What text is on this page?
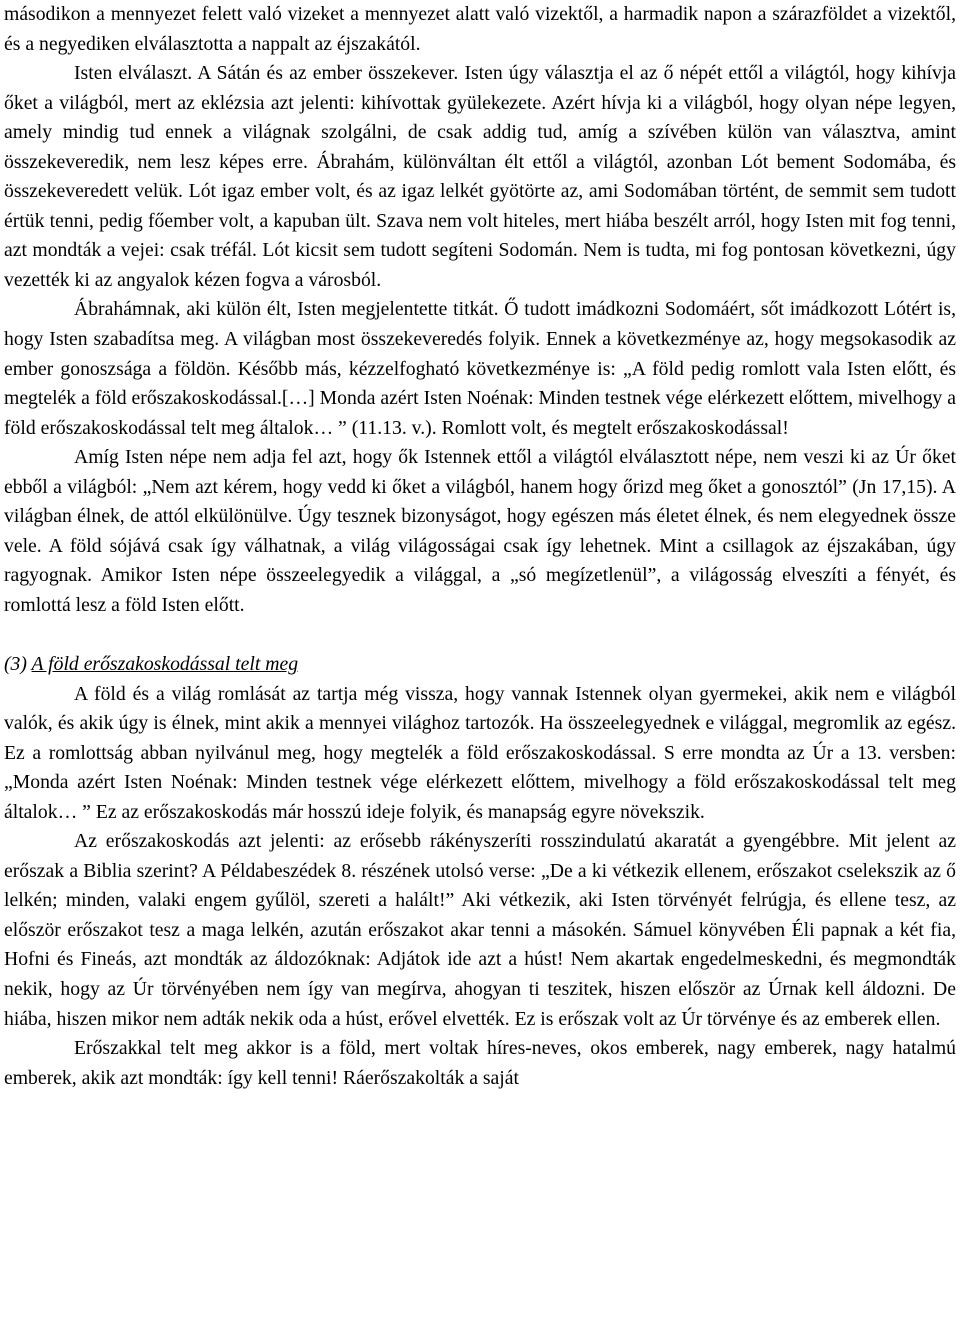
másodikon a mennyezet felett való vizeket a mennyezet alatt való vizektől, a harmadik napon a szárazföldet a vizektől, és a negyediken elválasztotta a nappalt az éjszakától.

Isten elválaszt. A Sátán és az ember összekever. Isten úgy választja el az ő népét ettől a világtól, hogy kihívja őket a világból, mert az eklézsia azt jelenti: kihívottak gyülekezete. Azért hívja ki a világból, hogy olyan népe legyen, amely mindig tud ennek a világnak szolgálni, de csak addig tud, amíg a szívében külön van választva, amint összekeveredik, nem lesz képes erre. Ábrahám, különváltan élt ettől a világtól, azonban Lót bement Sodomába, és összekeveredett velük. Lót igaz ember volt, és az igaz lelkét gyötörte az, ami Sodomában történt, de semmit sem tudott értük tenni, pedig főember volt, a kapuban ült. Szava nem volt hiteles, mert hiába beszélt arról, hogy Isten mit fog tenni, azt mondták a vejei: csak tréfál. Lót kicsit sem tudott segíteni Sodomán. Nem is tudta, mi fog pontosan következni, úgy vezették ki az angyalok kézen fogva a városból.

Ábrahámnak, aki külön élt, Isten megjelentette titkát. Ő tudott imádkozni Sodomáért, sőt imádkozott Lótért is, hogy Isten szabadítsa meg. A világban most összekeveredés folyik. Ennek a következménye az, hogy megsokasodik az ember gonoszsága a földön. Később más, kézzelfogható következménye is: „A föld pedig romlott vala Isten előtt, és megtelék a föld erőszakoskodással.[…] Monda azért Isten Noénak: Minden testnek vége elérkezett előttem, mivelhogy a föld erőszakoskodással telt meg általok… ” (11.13. v.). Romlott volt, és megtelt erőszakoskodással!

Amíg Isten népe nem adja fel azt, hogy ők Istennek ettől a világtól elválasztott népe, nem veszi ki az Úr őket ebből a világból: „Nem azt kérem, hogy vedd ki őket a világból, hanem hogy őrizd meg őket a gonosztól” (Jn 17,15). A világban élnek, de attól elkülönülve. Úgy tesznek bizonyságot, hogy egészen más életet élnek, és nem elegyednek össze vele. A föld sójává csak így válhatnak, a világ világosságai csak így lehetnek. Mint a csillagok az éjszakában, úgy ragyognak. Amikor Isten népe összeelegyedik a világgal, a „só megízetlenül”, a világosság elveszíti a fényét, és romlottá lesz a föld Isten előtt.

(3) A föld erőszakoskodással telt meg

A föld és a világ romlását az tartja még vissza, hogy vannak Istennek olyan gyermekei, akik nem e világból valók, és akik úgy is élnek, mint akik a mennyei világhoz tartozók. Ha összeelegyednek e világgal, megromlik az egész. Ez a romlottság abban nyilvánul meg, hogy megtelék a föld erőszakoskodással. S erre mondta az Úr a 13. versben: „Monda azért Isten Noénak: Minden testnek vége elérkezett előttem, mivelhogy a föld erőszakoskodással telt meg általok… ” Ez az erőszakoskodás már hosszú ideje folyik, és manapság egyre növekszik.

Az erőszakoskodás azt jelenti: az erősebb rákényszeríti rosszindulatú akaratát a gyengébbre. Mit jelent az erőszak a Biblia szerint? A Példabeszédek 8. részének utolsó verse: „De a ki vétkezik ellenem, erőszakot cselekszik az ő lelkén; minden, valaki engem gyűlöl, szereti a halált!” Aki vétkezik, aki Isten törvényét felrúgja, és ellene tesz, az először erőszakot tesz a maga lelkén, azután erőszakot akar tenni a másokén. Sámuel könyvében Éli papnak a két fia, Hofni és Fineás, azt mondták az áldozóknak: Adjátok ide azt a húst! Nem akartak engedelmeskedni, és megmondták nekik, hogy az Úr törvényében nem így van megírva, ahogyan ti teszitek, hiszen először az Úrnak kell áldozni. De hiába, hiszen mikor nem adták nekik oda a húst, erővel elvették. Ez is erőszak volt az Úr törvénye és az emberek ellen.

Erőszakkal telt meg akkor is a föld, mert voltak híres-neves, okos emberek, nagy emberek, nagy hatalmú emberek, akik azt mondták: így kell tenni! Ráerőszakolták a saját
